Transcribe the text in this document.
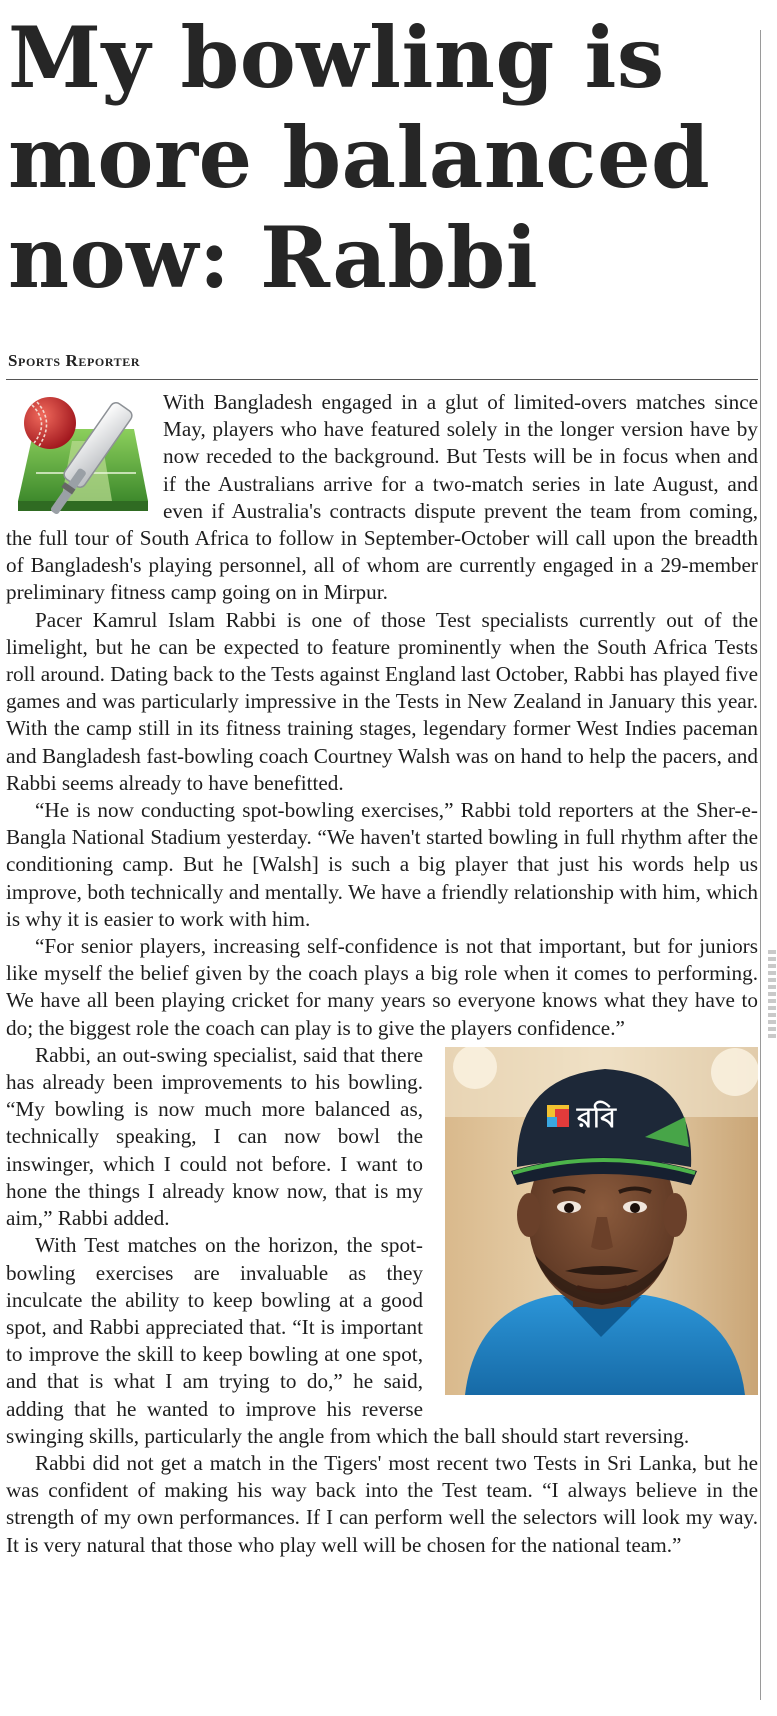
My bowling is more balanced now: Rabbi
Sports Reporter

With Bangladesh engaged in a glut of limited-overs matches since May, players who have featured solely in the longer version have by now receded to the background. But Tests will be in focus when and if the Australians arrive for a two-match series in late August, and even if Australia's contracts dispute prevent the team from coming, the full tour of South Africa to follow in September-October will call upon the breadth of Bangladesh's playing personnel, all of whom are currently engaged in a 29-member preliminary fitness camp going on in Mirpur.

Pacer Kamrul Islam Rabbi is one of those Test specialists currently out of the limelight, but he can be expected to feature prominently when the South Africa Tests roll around. Dating back to the Tests against England last October, Rabbi has played five games and was particularly impressive in the Tests in New Zealand in January this year. With the camp still in its fitness training stages, legendary former West Indies paceman and Bangladesh fast-bowling coach Courtney Walsh was on hand to help the pacers, and Rabbi seems already to have benefitted.

“He is now conducting spot-bowling exercises,” Rabbi told reporters at the Sher-e-Bangla National Stadium yesterday. “We haven't started bowling in full rhythm after the conditioning camp. But he [Walsh] is such a big player that just his words help us improve, both technically and mentally. We have a friendly relationship with him, which is why it is easier to work with him.

“For senior players, increasing self-confidence is not that important, but for juniors like myself the belief given by the coach plays a big role when it comes to performing. We have all been playing cricket for many years so everyone knows what they have to do; the biggest role the coach can play is to give the players confidence.”

রবি
Rabbi, an out-swing specialist, said that there has already been improvements to his bowling. “My bowling is now much more balanced as, technically speaking, I can now bowl the inswinger, which I could not before. I want to hone the things I already know now, that is my aim,” Rabbi added.

With Test matches on the horizon, the spot-bowling exercises are invaluable as they inculcate the ability to keep bowling at a good spot, and Rabbi appreciated that. “It is important to improve the skill to keep bowling at one spot, and that is what I am trying to do,” he said, adding that he wanted to improve his reverse swinging skills, particularly the angle from which the ball should start reversing.

Rabbi did not get a match in the Tigers' most recent two Tests in Sri Lanka, but he was confident of making his way back into the Test team. “I always believe in the strength of my own performances. If I can perform well the selectors will look my way. It is very natural that those who play well will be chosen for the national team.”
